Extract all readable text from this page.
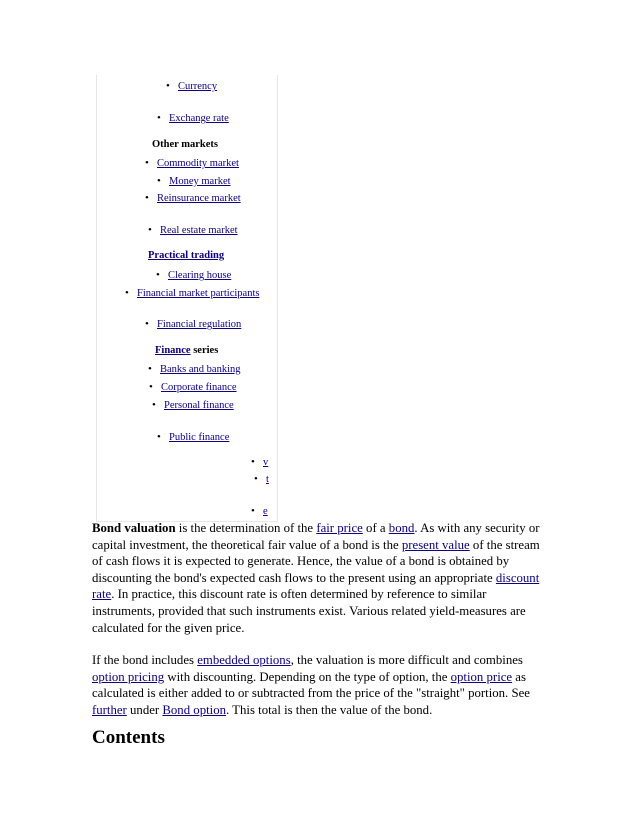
• Currency
• Exchange rate
Other markets
• Commodity market
• Money market
• Reinsurance market
• Real estate market
Practical trading
• Clearing house
• Financial market participants
• Financial regulation
Finance series
• Banks and banking
• Corporate finance
• Personal finance
• Public finance
• v
• t
• e

Bond valuation is the determination of the fair price of a bond. As with any security or capital investment, the theoretical fair value of a bond is the present value of the stream of cash flows it is expected to generate. Hence, the value of a bond is obtained by discounting the bond's expected cash flows to the present using an appropriate discount rate. In practice, this discount rate is often determined by reference to similar instruments, provided that such instruments exist. Various related yield-measures are calculated for the given price.

If the bond includes embedded options, the valuation is more difficult and combines option pricing with discounting. Depending on the type of option, the option price as calculated is either added to or subtracted from the price of the "straight" portion. See further under Bond option. This total is then the value of the bond.

Contents
